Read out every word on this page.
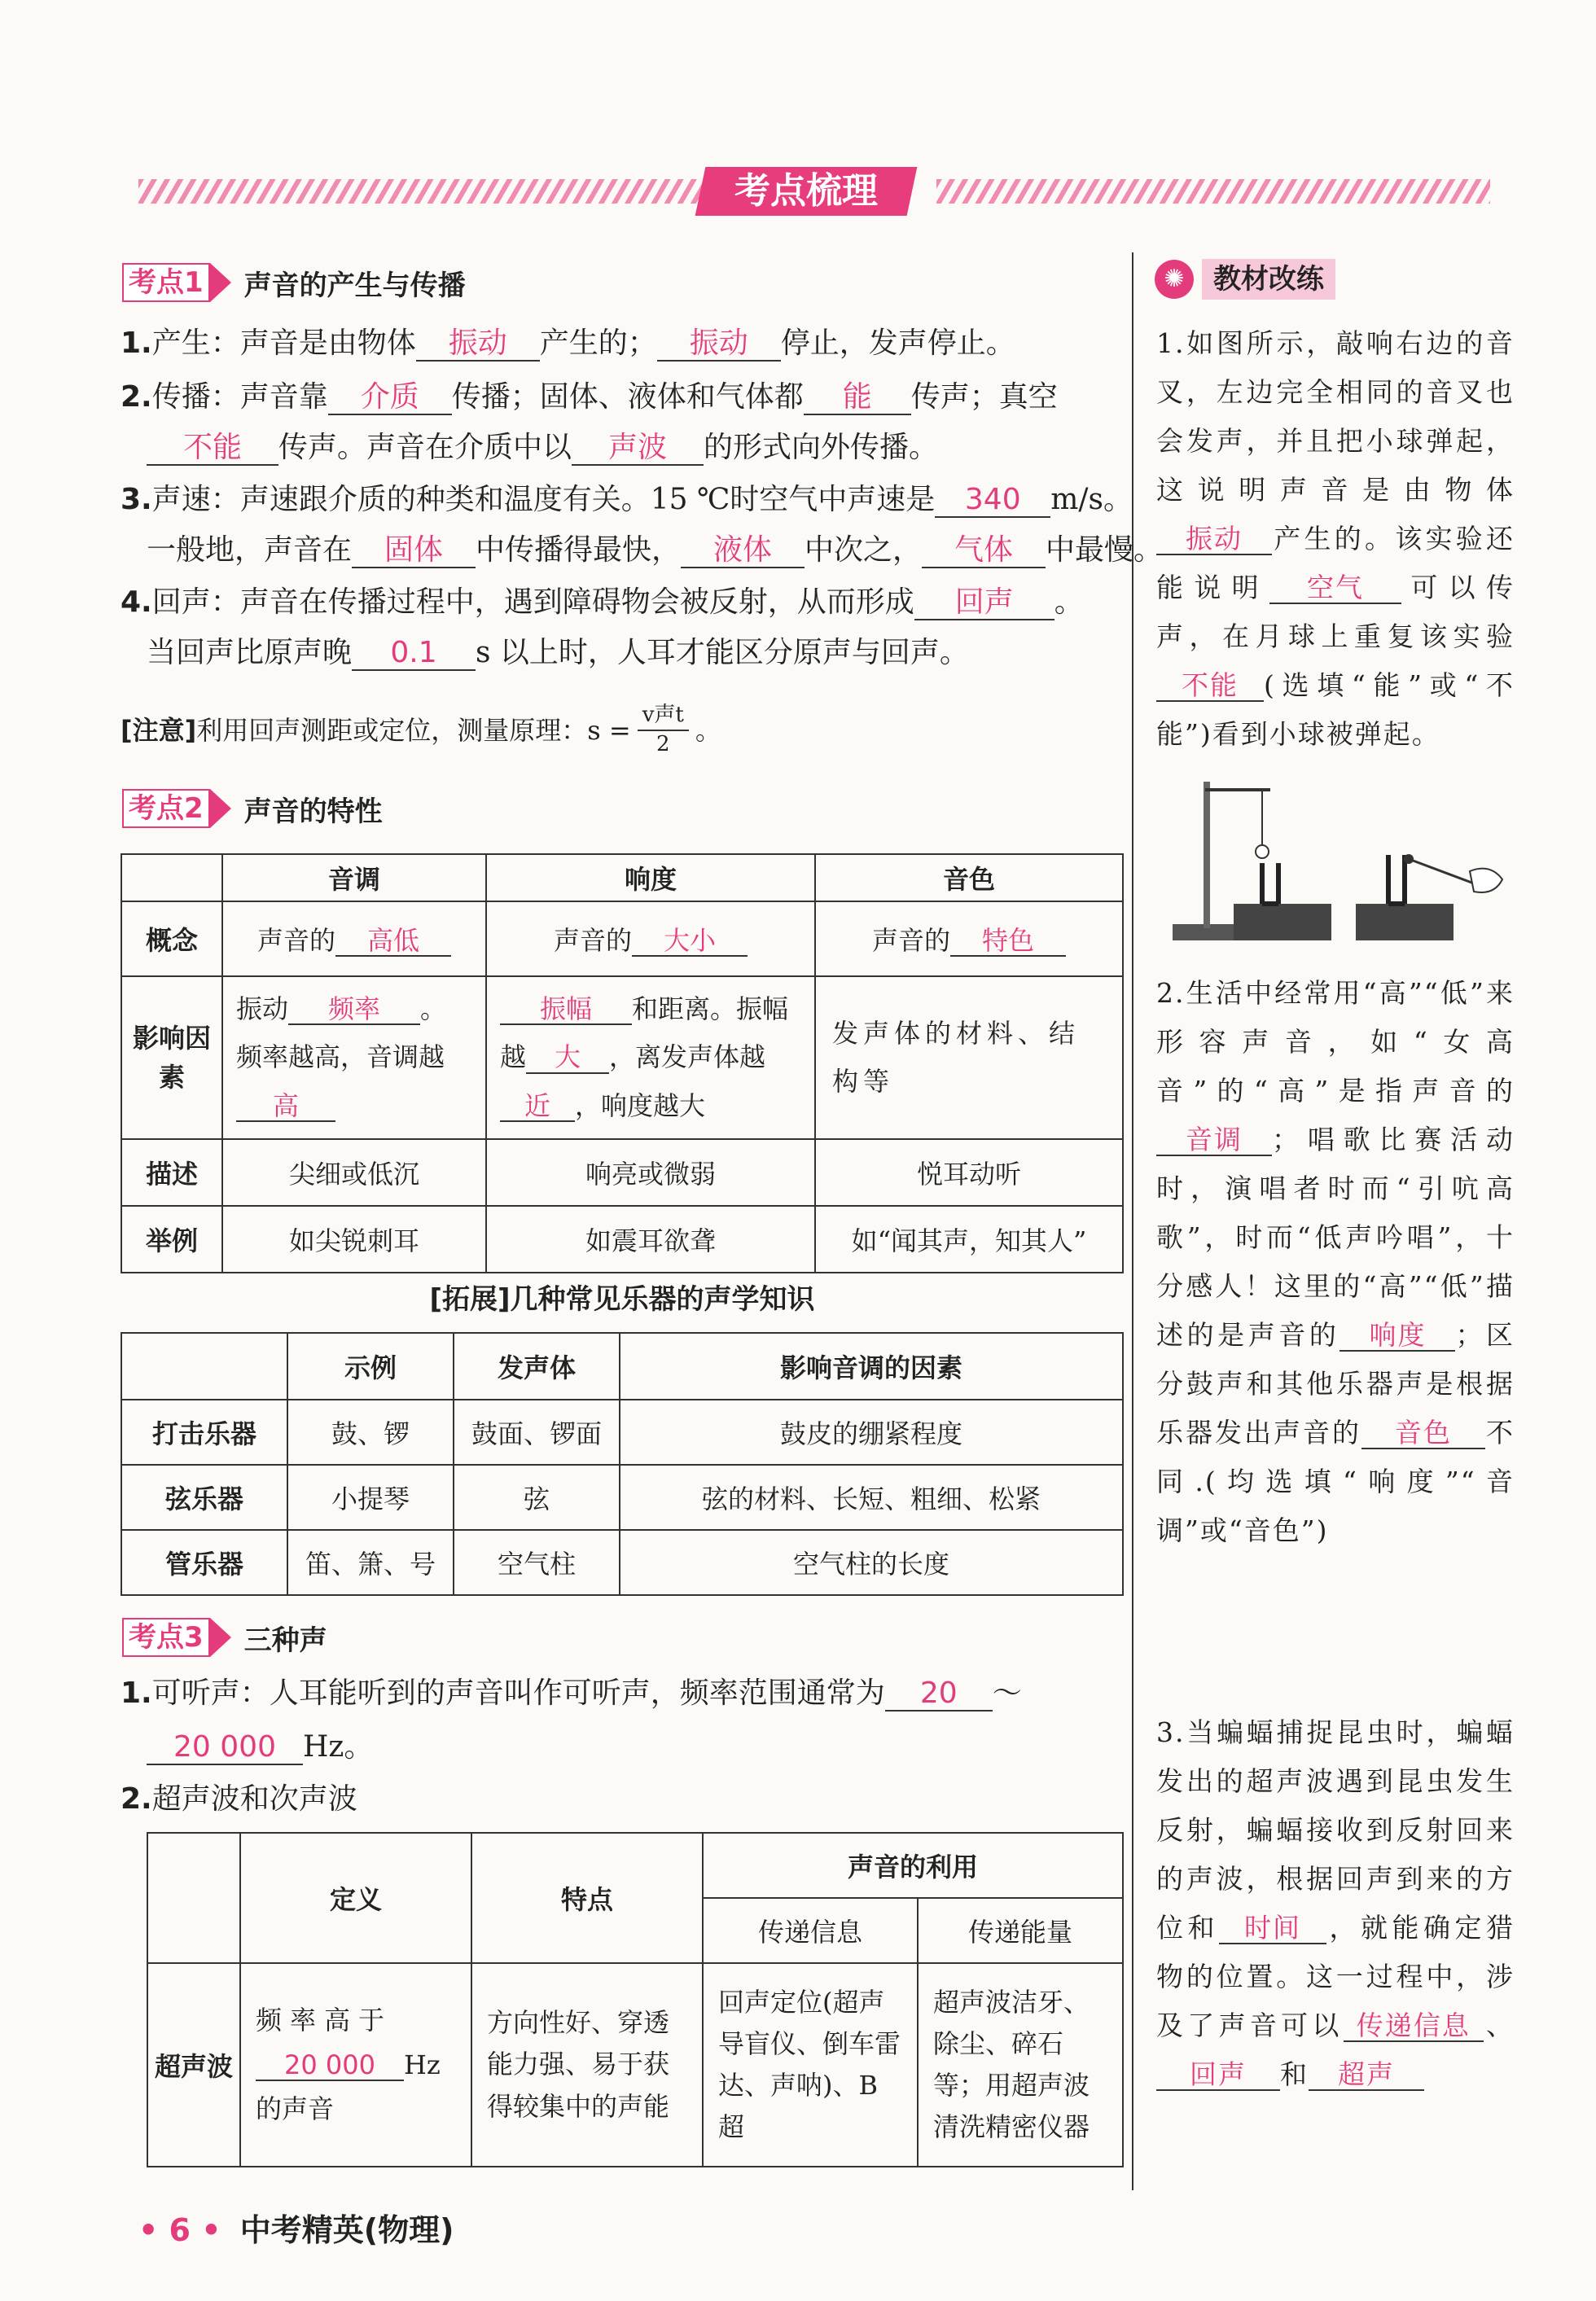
考点梳理
考点1 声音的产生与传播
1.产生：声音是由物体 振动 产生的； 振动 停止，发声停止。
2.传播：声音靠 介质 传播；固体、液体和气体都 能 传声；真空
不能 传声。声音在介质中以 声波 的形式向外传播。
3.声速：声速跟介质的种类和温度有关。15 ℃时空气中声速是 340 m/s。
一般地，声音在 固体 中传播得最快， 液体 中次之， 气体 中最慢。
4.回声：声音在传播过程中，遇到障碍物会被反射，从而形成 回声 。
当回声比原声晚 0.1 s 以上时，人耳才能区分原声与回声。
[注意] 利用回声测距或定位，测量原理：s = v声t
2 。
考点2 声音的特性
	音调	响度	音色
概念	声音的 高低	声音的 大小	声音的 特色
影响因素	振动 频率 。频率越高，音调越高	振幅 和距离。振幅越 大 ，离发声体越近 ，响度越大	发声体的材料、结构等
描述	尖细或低沉	响亮或微弱	悦耳动听
举例	如尖锐刺耳	如震耳欲聋	如“闻其声，知其人”
[拓展]几种常见乐器的声学知识
	示例	发声体	影响音调的因素
打击乐器	鼓、锣	鼓面、锣面	鼓皮的绷紧程度
弦乐器	小提琴	弦	弦的材料、长短、粗细、松紧
管乐器	笛、箫、号	空气柱	空气柱的长度
考点3 三种声
1.可听声：人耳能听到的声音叫作可听声，频率范围通常为 20 ～
20 000 Hz。
2.超声波和次声波
	定义	特点	声音的利用	
			传递信息	传递能量
超声波	频率高于
20 000 Hz
的声音	方向性好、穿透能力强、易于获得较集中的声能	回声定位(超声导盲仪、倒车雷达、声呐)、B超	超声波洁牙、除尘、碎石等；用超声波清洗精密仪器
✺	教材改练
1.如图所示，敲响右边的音叉，左边完全相同的音叉也会发声，并且把小球弹起，这说明声音是由物体振动 产生的。该实验还能说明 空气 可以传声，在月球上重复该实验不能 (选填“能”或“不能”)看到小球被弹起。
2.生活中经常用“高”“低”来形容声音，如“女高音”的“高”是指声音的音调 ；唱歌比赛活动时，演唱者时而“引吭高歌”，时而“低声吟唱”，十分感人！这里的“高”“低”描述的是声音的 响度 ；区分鼓声和其他乐器声是根据乐器发出声音的 音色 不同.(均选填“响度”“音调”或“音色”)
3.当蝙蝠捕捉昆虫时，蝙蝠发出的超声波遇到昆虫发生反射，蝙蝠接收到反射回来的声波，根据回声到来的方位和 时间 ，就能确定猎物的位置。这一过程中，涉及了声音可以 传递信息 、回声 和 超声
• 6 • 中考精英(物理)
